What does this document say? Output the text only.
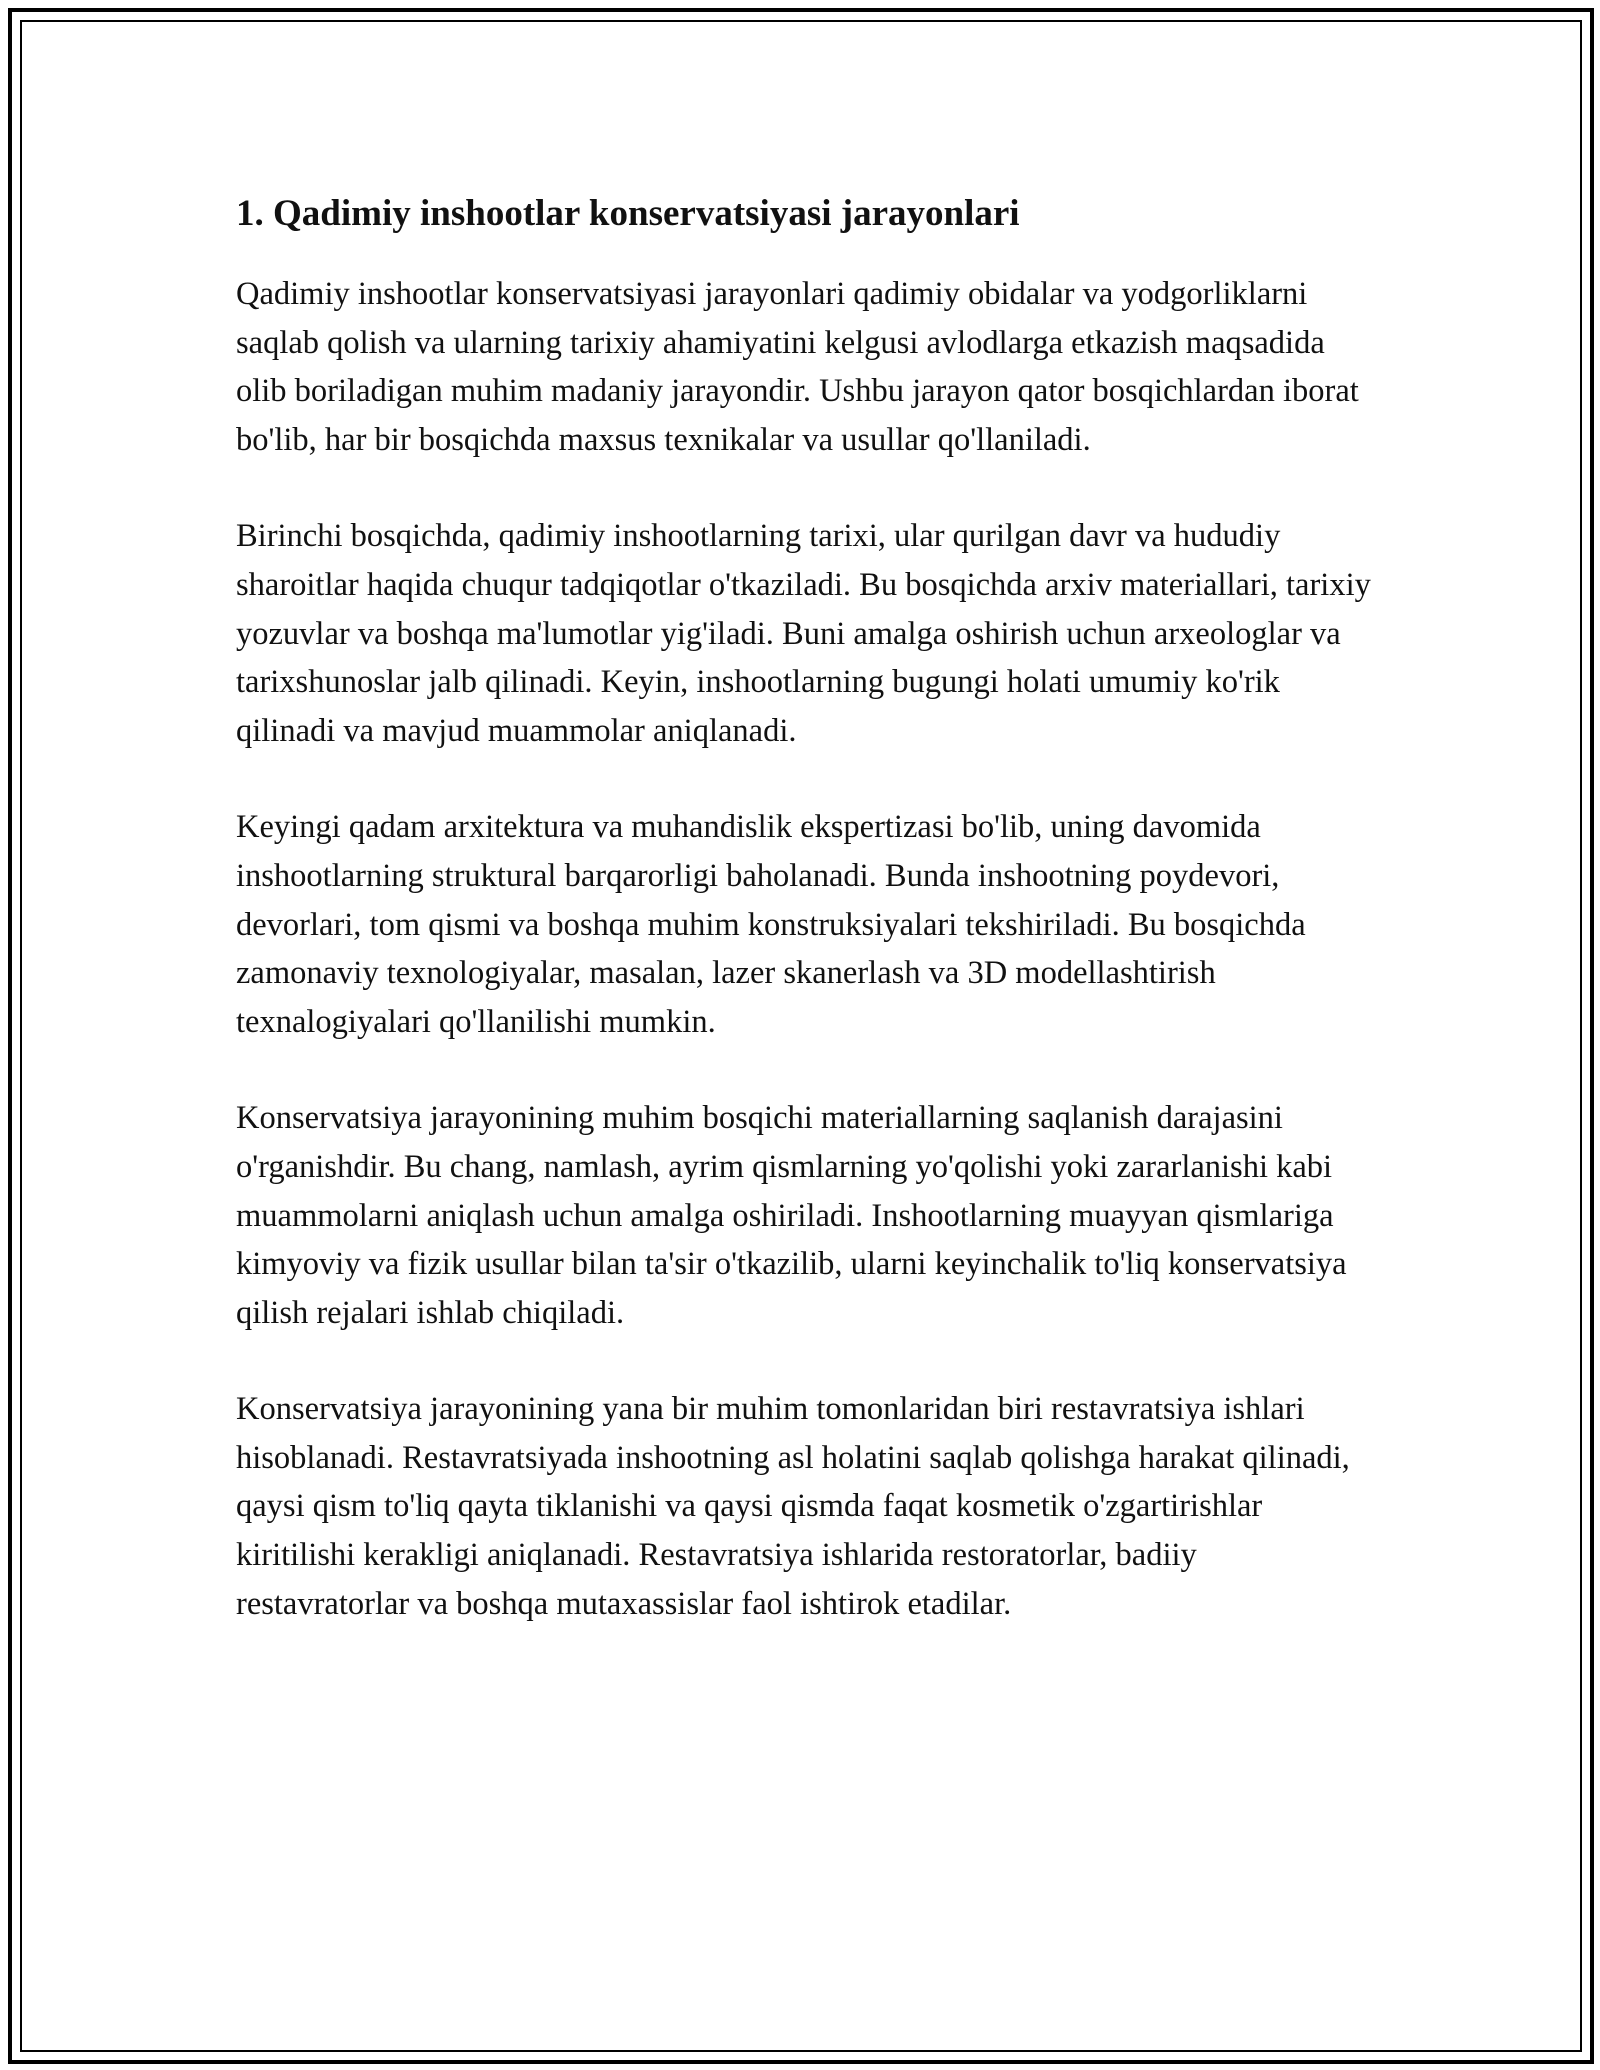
1. Qadimiy inshootlar konservatsiyasi jarayonlari

Qadimiy inshootlar konservatsiyasi jarayonlari qadimiy obidalar va yodgorliklarni saqlab qolish va ularning tarixiy ahamiyatini kelgusi avlodlarga etkazish maqsadida olib boriladigan muhim madaniy jarayondir. Ushbu jarayon qator bosqichlardan iborat bo'lib, har bir bosqichda maxsus texnikalar va usullar qo'llaniladi.

Birinchi bosqichda, qadimiy inshootlarning tarixi, ular qurilgan davr va hududiy sharoitlar haqida chuqur tadqiqotlar o'tkaziladi. Bu bosqichda arxiv materiallari, tarixiy yozuvlar va boshqa ma'lumotlar yig'iladi. Buni amalga oshirish uchun arxeologlar va tarixshunoslar jalb qilinadi. Keyin, inshootlarning bugungi holati umumiy ko'rik qilinadi va mavjud muammolar aniqlanadi.

Keyingi qadam arxitektura va muhandislik ekspertizasi bo'lib, uning davomida inshootlarning struktural barqarorligi baholanadi. Bunda inshootning poydevori, devorlari, tom qismi va boshqa muhim konstruksiyalari tekshiriladi. Bu bosqichda zamonaviy texnologiyalar, masalan, lazer skanerlash va 3D modellashtirish texnalogiyalari qo'llanilishi mumkin.

Konservatsiya jarayonining muhim bosqichi materiallarning saqlanish darajasini o'rganishdir. Bu chang, namlash, ayrim qismlarning yo'qolishi yoki zararlanishi kabi muammolarni aniqlash uchun amalga oshiriladi. Inshootlarning muayyan qismlariga kimyoviy va fizik usullar bilan ta'sir o'tkazilib, ularni keyinchalik to'liq konservatsiya qilish rejalari ishlab chiqiladi.

Konservatsiya jarayonining yana bir muhim tomonlaridan biri restavratsiya ishlari hisoblanadi. Restavratsiyada inshootning asl holatini saqlab qolishga harakat qilinadi, qaysi qism to'liq qayta tiklanishi va qaysi qismda faqat kosmetik o'zgartirishlar kiritilishi kerakligi aniqlanadi. Restavratsiya ishlarida restoratorlar, badiiy restavratorlar va boshqa mutaxassislar faol ishtirok etadilar.
